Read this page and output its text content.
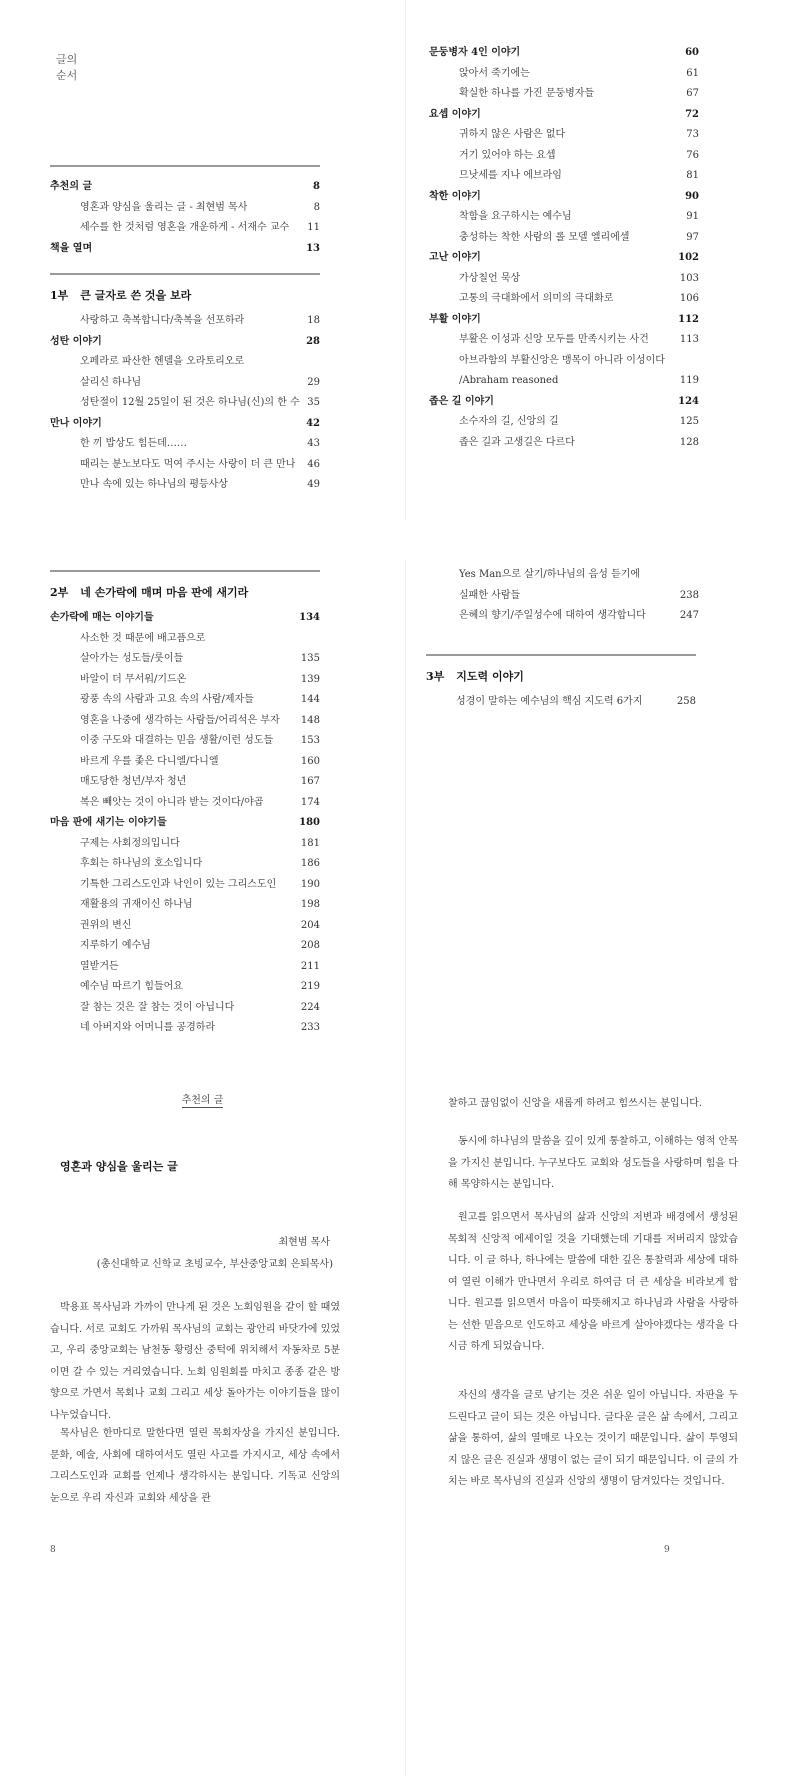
글의
순서
추천의 글	8
영혼과 양심을 울리는 글 - 최현범 목사	8
세수를 한 것처럼 영혼을 개운하게 - 서재수 교수 11
책을 열며	13
1부 큰 글자로 쓴 것을 보라
사랑하고 축복합니다/축복을 선포하라	18
성탄 이야기	28
오페라로 파산한 헨델을 오라토리오로
살리신 하나님	29
성탄절이 12월 25일이 된 것은 하나님(신)의 한 수 35
만나 이야기	42
한 끼 밥상도 힘든데……	43
때리는 분노보다도 먹여 주시는 사랑이 더 큰 만나 46
만나 속에 있는 하나님의 평등사상	49
문둥병자 4인 이야기	60
앉아서 죽기에는	61
확실한 하나를 가진 문둥병자들	67
요셉 이야기	72
귀하지 않은 사람은 없다	73
거기 있어야 하는 요셉	76
므낫세를 지나 에브라임	81
착한 이야기	90
착함을 요구하시는 예수님	91
충성하는 착한 사람의 롤 모델 엘리에셀	97
고난 이야기	102
가상칠언 묵상	103
고통의 극대화에서 의미의 극대화로	106
부활 이야기	112
부활은 이성과 신앙 모두를 만족시키는 사건	113
아브라함의 부활신앙은 맹목이 아니라 이성이다
/Abraham reasoned	119
좁은 길 이야기	124
소수자의 길, 신앙의 길	125
좁은 길과 고생길은 다르다	128
2부 네 손가락에 매며 마음 판에 새기라
손가락에 매는 이야기들	134
사소한 것 때문에 배고픔으로
살아가는 성도들/룻이들	135
바알이 더 무서워/기드온	139
광풍 속의 사람과 고요 속의 사람/제자들	144
영혼을 나중에 생각하는 사람들/어리석은 부자 148
이중 구도와 대결하는 믿음 생활/이런 성도들	153
바르게 우를 좇은 다니엘/다니엘	160
매도당한 청년/부자 청년	167
복은 빼앗는 것이 아니라 받는 것이다/야곱	174
마음 판에 새기는 이야기들	180
구제는 사회정의입니다	181
후회는 하나님의 호소입니다	186
기특한 그리스도인과 낙인이 있는 그리스도인 190
재활용의 귀재이신 하나님	198
권위의 변신	204
지루하기 예수님	208
열받거든	211
예수님 따르기 힘들어요	219
잘 참는 것은 잘 참는 것이 아닙니다	224
네 아버지와 어머니를 공경하라	233
Yes Man으로 살기/하나님의 음성 듣기에
실패한 사람들	238
은혜의 향기/주일성수에 대하여 생각합니다	247
3부 지도력 이야기
성경이 말하는 예수님의 핵심 지도력 6가지	258
추천의 글
영혼과 양심을 울리는 글
최현범 목사
(총신대학교 신학교 초빙교수, 부산중앙교회 은퇴목사)
박용표 목사님과 가까이 만나게 된 것은 노회임원을 같이 할 때였습니다. 서로 교회도 가까워 목사님의 교회는 광안리 바닷가에 있었고, 우리 중앙교회는 남천동 황령산 중턱에 위치해서 자동차로 5분이면 갈 수 있는 거리였습니다. 노회 임원회를 마치고 종종 같은 방향으로 가면서 목회나 교회 그리고 세상 돌아가는 이야기들을 많이 나누었습니다.
목사님은 한마디로 말한다면 열린 목회자상을 가지신 분입니다. 문화, 예술, 사회에 대하여서도 열린 사고를 가지시고, 세상 속에서 그리스도인과 교회를 언제나 생각하시는 분입니다. 기독교 신앙의 눈으로 우리 자신과 교회와 세상을 관
8
찰하고 끊임없이 신앙을 새롭게 하려고 힘쓰시는 분입니다.
동시에 하나님의 말씀을 깊이 있게 통찰하고, 이해하는 영적 안목을 가지신 분입니다. 누구보다도 교회와 성도들을 사랑하며 힘을 다해 목양하시는 분입니다.
원고를 읽으면서 목사님의 삶과 신앙의 저변과 배경에서 생성된 목회적 신앙적 에세이일 것을 기대했는데 기대를 저버리지 않았습니다. 이 글 하나, 하나에는 말씀에 대한 깊은 통찰력과 세상에 대하여 열린 이해가 만나면서 우리로 하여금 더 큰 세상을 비라보게 합니다. 원고를 읽으면서 마음이 따뜻해지고 하나님과 사람을 사랑하는 선한 믿음으로 인도하고 세상을 바르게 살아야겠다는 생각을 다시금 하게 되었습니다.
자신의 생각을 글로 남기는 것은 쉬운 일이 아닙니다. 자판을 두드린다고 글이 되는 것은 아닙니다. 글다운 글은 삶 속에서, 그리고 삶을 통하여, 삶의 열매로 나오는 것이기 때문입니다. 삶이 투영되지 않은 글은 진실과 생명이 없는 글이 되기 때문입니다. 이 글의 가치는 바로 목사님의 진실과 신앙의 생명이 담겨있다는 것입니다.
9
